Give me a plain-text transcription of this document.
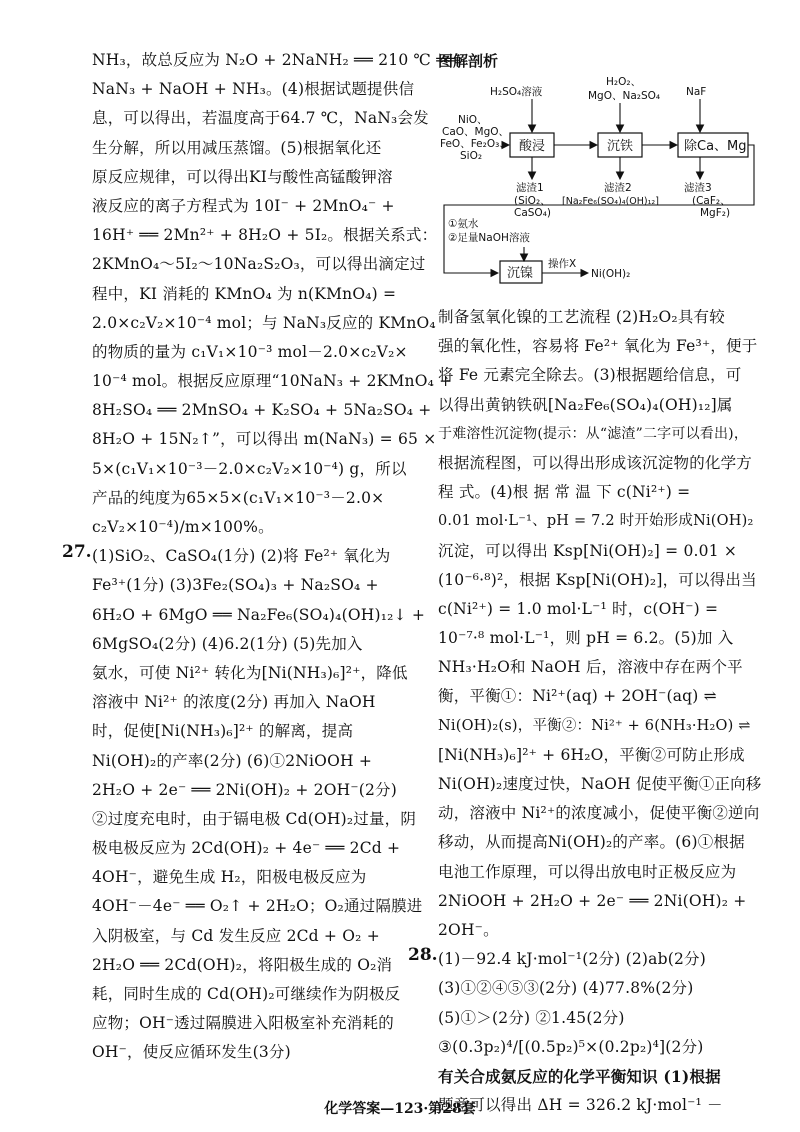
NH₃，故总反应为 N₂O + 2NaNH₂ ══ 210 ℃ ══
NaN₃ + NaOH + NH₃。(4)根据试题提供信
息，可以得出，若温度高于64.7 ℃，NaN₃会发
生分解，所以用减压蒸馏。(5)根据氧化还
原反应规律，可以得出KI与酸性高锰酸钾溶
液反应的离子方程式为 10I⁻ + 2MnO₄⁻ +
16H⁺ ══ 2Mn²⁺ + 8H₂O + 5I₂。根据关系式：
2KMnO₄～5I₂～10Na₂S₂O₃，可以得出滴定过
程中，KI 消耗的 KMnO₄ 为 n(KMnO₄) =
2.0×c₂V₂×10⁻⁴ mol；与 NaN₃反应的 KMnO₄
的物质的量为 c₁V₁×10⁻³ mol－2.0×c₂V₂×
10⁻⁴ mol。根据反应原理“10NaN₃ + 2KMnO₄ +
8H₂SO₄ ══ 2MnSO₄ + K₂SO₄ + 5Na₂SO₄ +
8H₂O + 15N₂↑”，可以得出 m(NaN₃) = 65 ×
5×(c₁V₁×10⁻³－2.0×c₂V₂×10⁻⁴) g，所以
产品的纯度为65×5×(c₁V₁×10⁻³－2.0×
c₂V₂×10⁻⁴)/m×100%。
27. (1)SiO₂、CaSO₄(1分) (2)将 Fe²⁺ 氧化为
Fe³⁺(1分) (3)3Fe₂(SO₄)₃ + Na₂SO₄ +
6H₂O + 6MgO ══ Na₂Fe₆(SO₄)₄(OH)₁₂↓ +
6MgSO₄(2分) (4)6.2(1分) (5)先加入
氨水，可使 Ni²⁺ 转化为[Ni(NH₃)₆]²⁺，降低
溶液中 Ni²⁺ 的浓度(2分) 再加入 NaOH
时，促使[Ni(NH₃)₆]²⁺ 的解离，提高
Ni(OH)₂的产率(2分) (6)①2NiOOH +
2H₂O + 2e⁻ ══ 2Ni(OH)₂ + 2OH⁻(2分)
②过度充电时，由于镉电极 Cd(OH)₂过量，阴
极电极反应为 2Cd(OH)₂ + 4e⁻ ══ 2Cd +
4OH⁻，避免生成 H₂，阳极电极反应为
4OH⁻－4e⁻ ══ O₂↑ + 2H₂O；O₂通过隔膜进
入阴极室，与 Cd 发生反应 2Cd + O₂ +
2H₂O ══ 2Cd(OH)₂，将阳极生成的 O₂消
耗，同时生成的 Cd(OH)₂可继续作为阴极反
应物；OH⁻透过隔膜进入阳极室补充消耗的
OH⁻，使反应循环发生(3分)
图解剖析
H₂SO₄溶液
H₂O₂、
MgO、Na₂SO₄ NaF
NiO、
CaO、MgO、
FeO、Fe₂O₃、
SiO₂
酸浸	沉铁	除Ca、Mg
滤渣1
(SiO₂、
CaSO₄)
滤渣2
[Na₂Fe₆(SO₄)₄(OH)₁₂]
滤渣3
(CaF₂、
MgF₂)
①氨水
②足量NaOH溶液
操作X
Ni(OH)₂
沉镍
制备氢氧化镍的工艺流程 (2)H₂O₂具有较
强的氧化性，容易将 Fe²⁺ 氧化为 Fe³⁺，便于
将 Fe 元素完全除去。(3)根据题给信息，可
以得出黄钠铁矾[Na₂Fe₆(SO₄)₄(OH)₁₂]属
于难溶性沉淀物(提示：从“滤渣”二字可以看出)，
根据流程图，可以得出形成该沉淀物的化学方
程 式。(4)根 据 常 温 下 c(Ni²⁺) =
0.01 mol·L⁻¹、pH = 7.2 时开始形成Ni(OH)₂
沉淀，可以得出 Ksp[Ni(OH)₂] = 0.01 ×
(10⁻⁶·⁸)²，根据 Ksp[Ni(OH)₂]，可以得出当
c(Ni²⁺) = 1.0 mol·L⁻¹ 时，c(OH⁻) =
10⁻⁷·⁸ mol·L⁻¹，则 pH = 6.2。(5)加 入
NH₃·H₂O和 NaOH 后，溶液中存在两个平
衡，平衡①：Ni²⁺(aq) + 2OH⁻(aq) ⇌
Ni(OH)₂(s)，平衡②：Ni²⁺ + 6(NH₃·H₂O) ⇌
[Ni(NH₃)₆]²⁺ + 6H₂O，平衡②可防止形成
Ni(OH)₂速度过快，NaOH 促使平衡①正向移
动，溶液中 Ni²⁺的浓度减小，促使平衡②逆向
移动，从而提高Ni(OH)₂的产率。(6)①根据
电池工作原理，可以得出放电时正极反应为
2NiOOH + 2H₂O + 2e⁻ ══ 2Ni(OH)₂ +
2OH⁻。
28. (1)－92.4 kJ·mol⁻¹(2分) (2)ab(2分)
(3)①②④⑤③(2分) (4)77.8%(2分)
(5)①＞(2分) ②1.45(2分)
③(0.3p₂)⁴/[(0.5p₂)⁵×(0.2p₂)⁴](2分)
有关合成氨反应的化学平衡知识 (1)根据
题意可以得出 ΔH = 326.2 kJ·mol⁻¹ －
化学答案—123·第28套
